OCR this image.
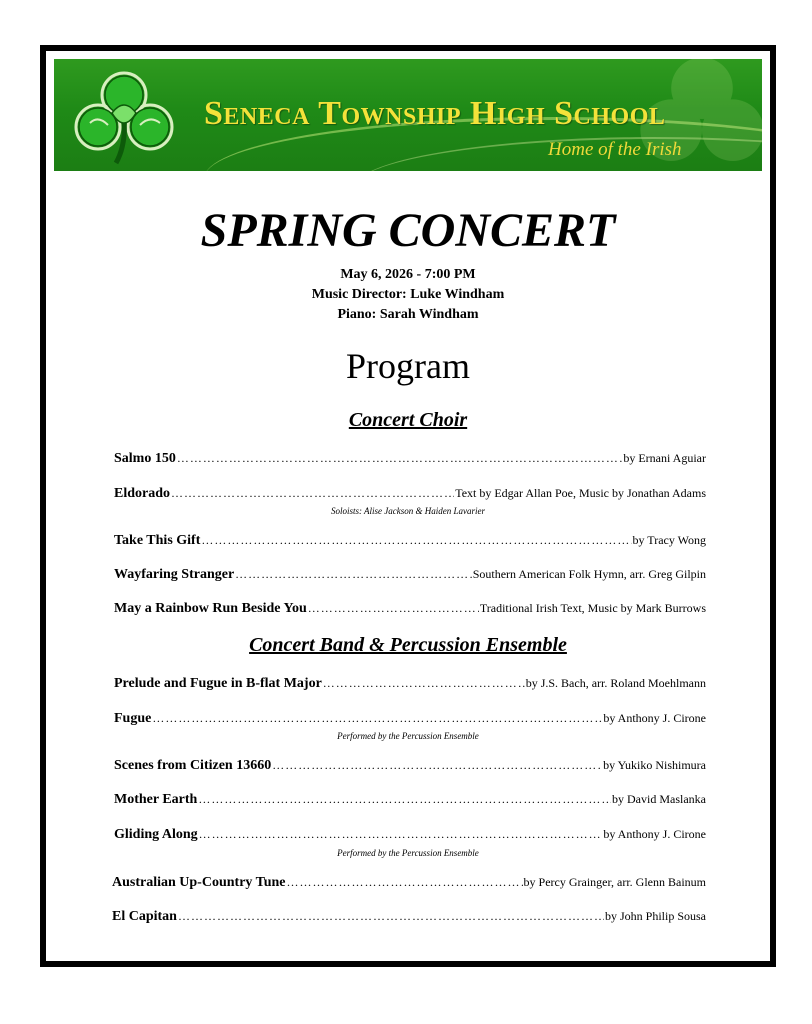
Seneca Township High School
Home of the Irish
SPRING CONCERT
May 6, 2026 - 7:00 PM
Music Director: Luke Windham
Piano: Sarah Windham
Program
Concert Choir
Salmo 150 ……………………………………………………………………………………………………………………………………………………………………………………………………	by Ernani Aguiar
Eldorado ……………………………………………………………………………………………………………………………………………………………………………………………………	Text by Edgar Allan Poe, Music by Jonathan Adams
Soloists: Alise Jackson & Haiden Lavarier
Take This Gift ……………………………………………………………………………………………………………………………………………………………………………………………………	by Tracy Wong
Wayfaring Stranger ……………………………………………………………………………………………………………………………………………………………………………………………………	Southern American Folk Hymn, arr. Greg Gilpin
May a Rainbow Run Beside You ……………………………………………………………………………………………………………………………………………………………………………………………………	Traditional Irish Text, Music by Mark Burrows
Concert Band & Percussion Ensemble
Prelude and Fugue in B-flat Major ……………………………………………………………………………………………………………………………………………………………………………………………………	by J.S. Bach, arr. Roland Moehlmann
Fugue ……………………………………………………………………………………………………………………………………………………………………………………………………	by Anthony J. Cirone
Performed by the Percussion Ensemble
Scenes from Citizen 13660 ……………………………………………………………………………………………………………………………………………………………………………………………………	by Yukiko Nishimura
Mother Earth ……………………………………………………………………………………………………………………………………………………………………………………………………	by David Maslanka
Gliding Along ……………………………………………………………………………………………………………………………………………………………………………………………………	by Anthony J. Cirone
Performed by the Percussion Ensemble
Australian Up-Country Tune ……………………………………………………………………………………………………………………………………………………………………………………………………	by Percy Grainger, arr. Glenn Bainum
El Capitan ……………………………………………………………………………………………………………………………………………………………………………………………………	by John Philip Sousa
